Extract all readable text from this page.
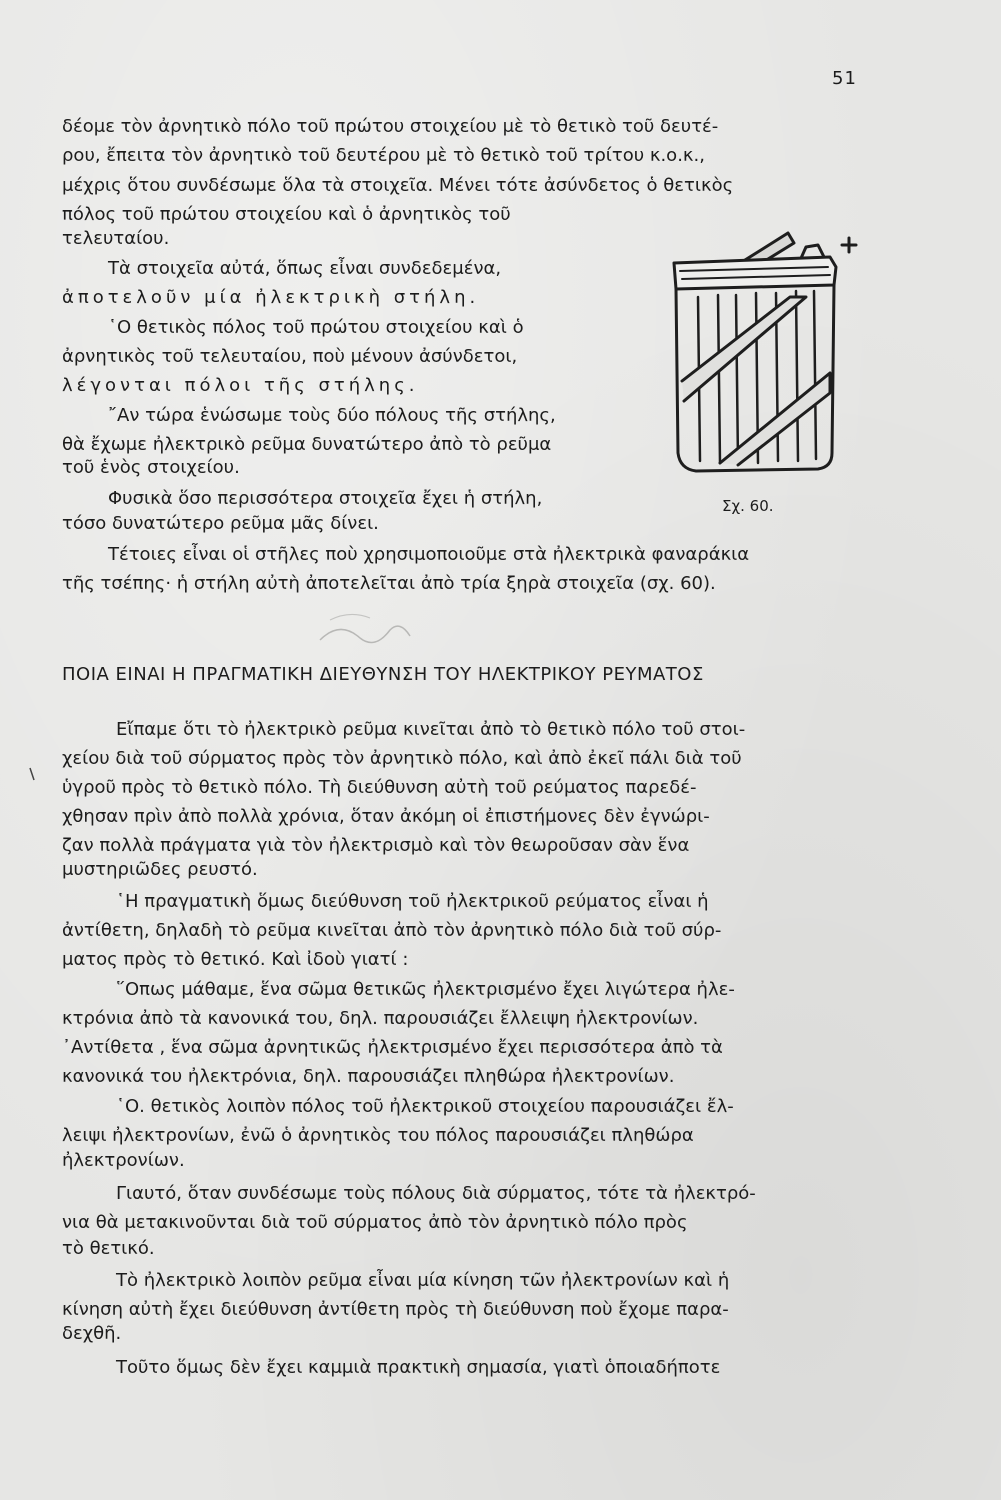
51
δέομε τὸν ἀρνητικὸ πόλο τοῦ πρώτου στοιχείου μὲ τὸ θετικὸ τοῦ δευτέ-
ρου, ἔπειτα τὸν ἀρνητικὸ τοῦ δευτέρου μὲ τὸ θετικὸ τοῦ τρίτου κ.ο.κ.,
μέχρις ὅτου συνδέσωμε ὅλα τὰ στοιχεῖα. Μένει τότε ἀσύνδετος ὁ θετικὸς
πόλος τοῦ πρώτου στοιχείου καὶ ὁ ἀρνητικὸς τοῦ
τελευταίου.
Τὰ στοιχεῖα αὐτά, ὅπως εἶναι συνδεδεμένα,
ἀποτελοῦν μία ἠλεκτρικὴ στήλη.
῾Ο θετικὸς πόλος τοῦ πρώτου στοιχείου καὶ ὁ
ἀρνητικὸς τοῦ τελευταίου, ποὺ μένουν ἀσύνδετοι,
λέγονται πόλοι τῆς στήλης.
῎Αν τώρα ἑνώσωμε τοὺς δύο πόλους τῆς στήλης,
θὰ ἔχωμε ἠλεκτρικὸ ρεῦμα δυνατώτερο ἀπὸ τὸ ρεῦμα
τοῦ ἑνὸς στοιχείου.
Φυσικὰ ὅσο περισσότερα στοιχεῖα ἔχει ἡ στήλη,
τόσο δυνατώτερο ρεῦμα μᾶς δίνει.
Τέτοιες εἶναι οἱ στῆλες ποὺ χρησιμοποιοῦμε στὰ ἠλεκτρικὰ φαναράκια
τῆς τσέπης· ἡ στήλη αὐτὴ ἀποτελεῖται ἀπὸ τρία ξηρὰ στοιχεῖα (σχ. 60).
Σχ. 60.
ΠΟΙΑ ΕΙΝΑΙ Η ΠΡΑΓΜΑΤΙΚΗ ΔΙΕΥΘΥΝΣΗ ΤΟΥ ΗΛΕΚΤΡΙΚΟΥ ΡΕΥΜΑΤΟΣ
Εἴπαμε ὅτι τὸ ἠλεκτρικὸ ρεῦμα κινεῖται ἀπὸ τὸ θετικὸ πόλο τοῦ στοι-
χείου διὰ τοῦ σύρματος πρὸς τὸν ἀρνητικὸ πόλο, καὶ ἀπὸ ἐκεῖ πάλι διὰ τοῦ
ὑγροῦ πρὸς τὸ θετικὸ πόλο. Τὴ διεύθυνση αὐτὴ τοῦ ρεύματος παρεδέ-
χθησαν πρὶν ἀπὸ πολλὰ χρόνια, ὅταν ἀκόμη οἱ ἐπιστήμονες δὲν ἐγνώρι-
ζαν πολλὰ πράγματα γιὰ τὸν ἠλεκτρισμὸ καὶ τὸν θεωροῦσαν σὰν ἕνα
μυστηριῶδες ρευστό.
῾Η πραγματικὴ ὅμως διεύθυνση τοῦ ἠλεκτρικοῦ ρεύματος εἶναι ἡ
ἀντίθετη, δηλαδὴ τὸ ρεῦμα κινεῖται ἀπὸ τὸν ἀρνητικὸ πόλο διὰ τοῦ σύρ-
ματος πρὸς τὸ θετικό. Καὶ ἰδοὺ γιατί :
῞Οπως μάθαμε, ἕνα σῶμα θετικῶς ἠλεκτρισμένο ἔχει λιγώτερα ἠλε-
κτρόνια ἀπὸ τὰ κανονικά του, δηλ. παρουσιάζει ἔλλειψη ἠλεκτρονίων.
᾿Αντίθετα , ἕνα σῶμα ἀρνητικῶς ἠλεκτρισμένο ἔχει περισσότερα ἀπὸ τὰ
κανονικά του ἠλεκτρόνια, δηλ. παρουσιάζει πληθώρα ἠλεκτρονίων.
῾Ο. θετικὸς λοιπὸν πόλος τοῦ ἠλεκτρικοῦ στοιχείου παρουσιάζει ἔλ-
λειψι ἠλεκτρονίων, ἐνῶ ὁ ἀρνητικὸς του πόλος παρουσιάζει πληθώρα
ἠλεκτρονίων.
Γιαυτό, ὅταν συνδέσωμε τοὺς πόλους διὰ σύρματος, τότε τὰ ἠλεκτρό-
νια θὰ μετακινοῦνται διὰ τοῦ σύρματος ἀπὸ τὸν ἀρνητικὸ πόλο πρὸς
τὸ θετικό.
Τὸ ἠλεκτρικὸ λοιπὸν ρεῦμα εἶναι μία κίνηση τῶν ἠλεκτρονίων καὶ ἡ
κίνηση αὐτὴ ἔχει διεύθυνση ἀντίθετη πρὸς τὴ διεύθυνση ποὺ ἔχομε παρα-
δεχθῆ.
Τοῦτο ὅμως δὲν ἔχει καμμιὰ πρακτικὴ σημασία, γιατὶ ὁποιαδήποτε
